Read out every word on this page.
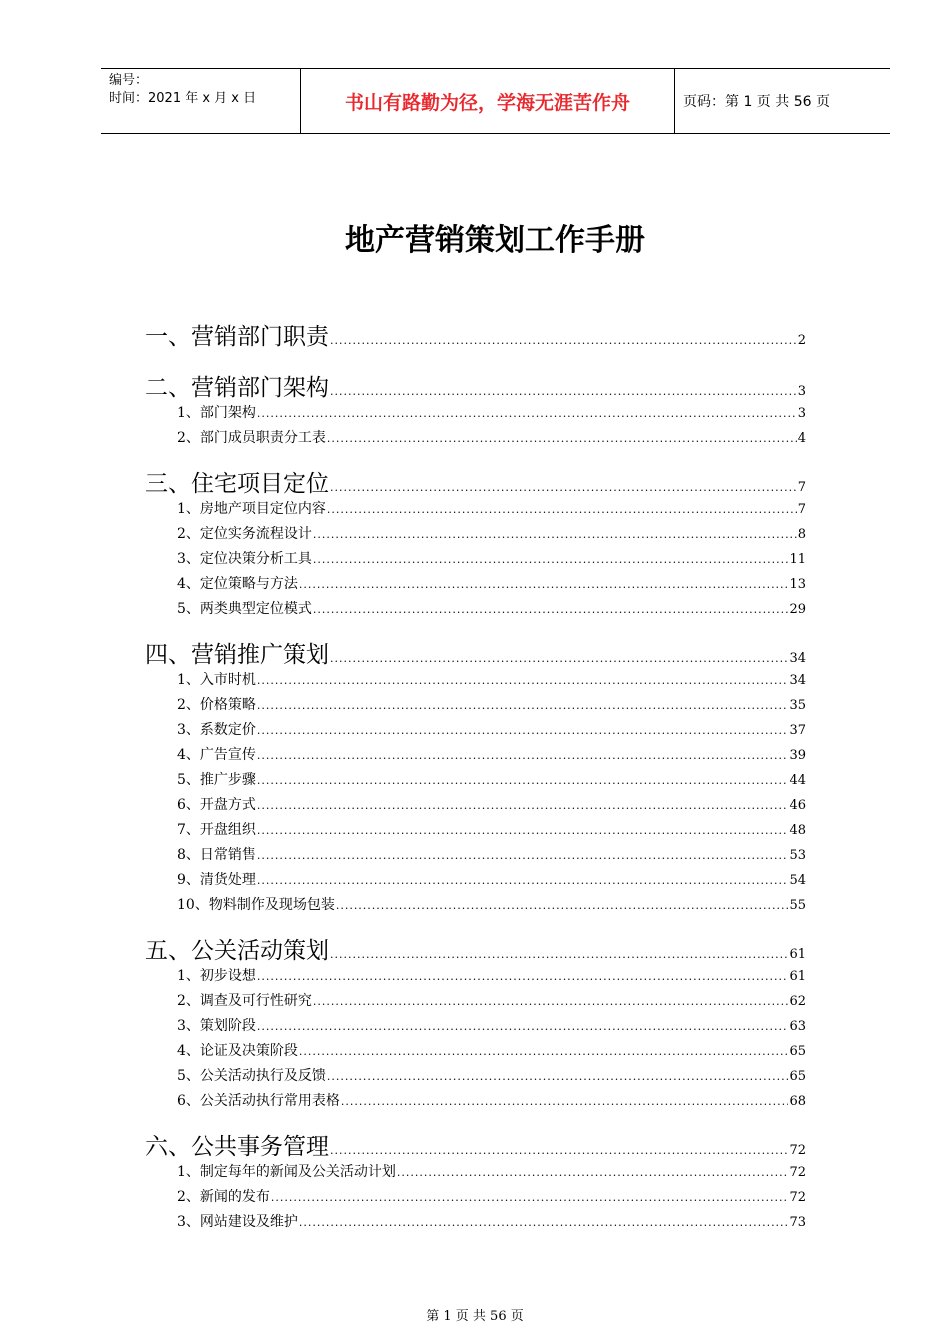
编号：
时间：2021 年 x 月 x 日	书山有路勤为径，学海无涯苦作舟	页码：第 1 页 共 56 页
地产营销策划工作手册
一、营销部门职责 .....	2
二、营销部门架构 .....	3
1、部门架构 .....	3
2、部门成员职责分工表 .....	4
三、住宅项目定位 .....	7
1、房地产项目定位内容 .....	7
2、定位实务流程设计 .....	8
3、定位决策分析工具 .....	11
4、定位策略与方法 .....	13
5、两类典型定位模式 .....	29
四、营销推广策划 .....	34
1、入市时机 .....	34
2、价格策略 .....	35
3、系数定价 .....	37
4、广告宣传 .....	39
5、推广步骤 .....	44
6、开盘方式 .....	46
7、开盘组织 .....	48
8、日常销售 .....	53
9、清货处理 .....	54
10、物料制作及现场包装 .....	55
五、公关活动策划 .....	61
1、初步设想 .....	61
2、调查及可行性研究 .....	62
3、策划阶段 .....	63
4、论证及决策阶段 .....	65
5、公关活动执行及反馈 .....	65
6、公关活动执行常用表格 .....	68
六、公共事务管理 .....	72
1、制定每年的新闻及公关活动计划 .....	72
2、新闻的发布 .....	72
3、网站建设及维护 .....	73
第 1 页 共 56 页
